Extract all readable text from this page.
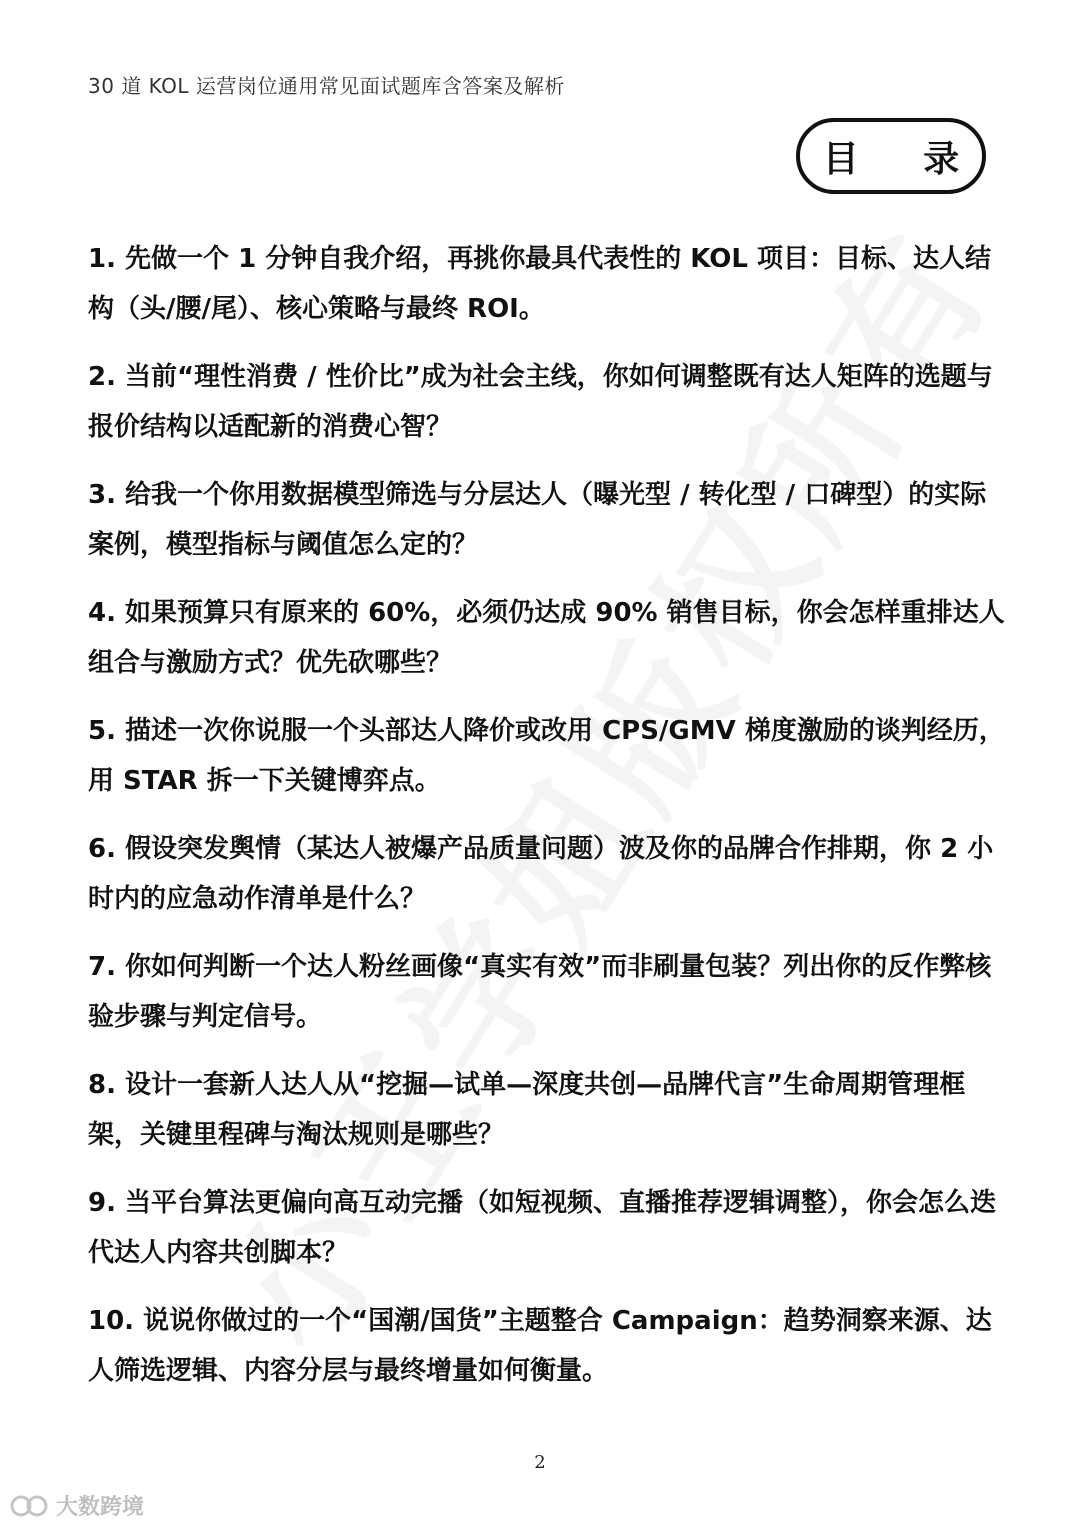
30 道 KOL 运营岗位通用常见面试题库含答案及解析
目 录
1. 先做一个 1 分钟自我介绍，再挑你最具代表性的 KOL 项目：目标、达人结构（头/腰/尾）、核心策略与最终 ROI。
2. 当前“理性消费 / 性价比”成为社会主线，你如何调整既有达人矩阵的选题与报价结构以适配新的消费心智？
3. 给我一个你用数据模型筛选与分层达人（曝光型 / 转化型 / 口碑型）的实际案例，模型指标与阈值怎么定的？
4. 如果预算只有原来的 60%，必须仍达成 90% 销售目标，你会怎样重排达人组合与激励方式？优先砍哪些？
5. 描述一次你说服一个头部达人降价或改用 CPS/GMV 梯度激励的谈判经历，用 STAR 拆一下关键博弈点。
6. 假设突发舆情（某达人被爆产品质量问题）波及你的品牌合作排期，你 2 小时内的应急动作清单是什么？
7. 你如何判断一个达人粉丝画像“真实有效”而非刷量包装？列出你的反作弊核验步骤与判定信号。
8. 设计一套新人达人从“挖掘—试单—深度共创—品牌代言”生命周期管理框架，关键里程碑与淘汰规则是哪些？
9. 当平台算法更偏向高互动完播（如短视频、直播推荐逻辑调整），你会怎么迭代达人内容共创脚本？
10. 说说你做过的一个“国潮/国货”主题整合 Campaign：趋势洞察来源、达人筛选逻辑、内容分层与最终增量如何衡量。
2
大数跨境
